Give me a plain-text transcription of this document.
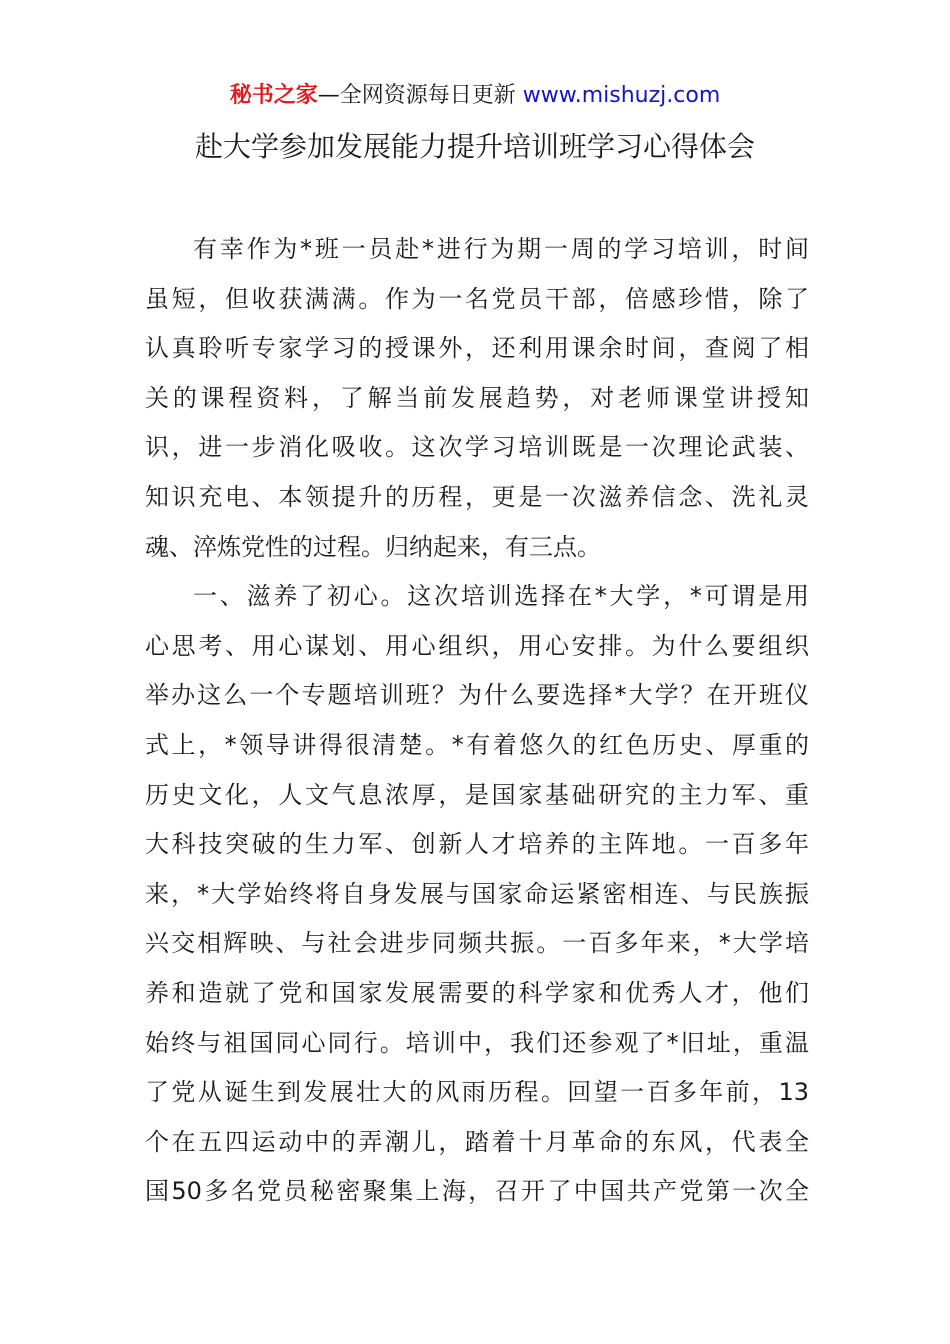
秘书之家—全网资源每日更新 www.mishuzj.com
赴大学参加发展能力提升培训班学习心得体会
有幸作为*班一员赴*进行为期一周的学习培训，时间
虽短，但收获满满。作为一名党员干部，倍感珍惜，除了
认真聆听专家学习的授课外，还利用课余时间，查阅了相
关的课程资料，了解当前发展趋势，对老师课堂讲授知
识，进一步消化吸收。这次学习培训既是一次理论武装、
知识充电、本领提升的历程，更是一次滋养信念、洗礼灵
魂、淬炼党性的过程。归纳起来，有三点。
一、滋养了初心。这次培训选择在*大学，*可谓是用
心思考、用心谋划、用心组织，用心安排。为什么要组织
举办这么一个专题培训班？为什么要选择*大学？在开班仪
式上，*领导讲得很清楚。*有着悠久的红色历史、厚重的
历史文化，人文气息浓厚，是国家基础研究的主力军、重
大科技突破的生力军、创新人才培养的主阵地。一百多年
来，*大学始终将自身发展与国家命运紧密相连、与民族振
兴交相辉映、与社会进步同频共振。一百多年来，*大学培
养和造就了党和国家发展需要的科学家和优秀人才，他们
始终与祖国同心同行。培训中，我们还参观了*旧址，重温
了党从诞生到发展壮大的风雨历程。回望一百多年前，13
个在五四运动中的弄潮儿，踏着十月革命的东风，代表全
国50多名党员秘密聚集上海，召开了中国共产党第一次全
